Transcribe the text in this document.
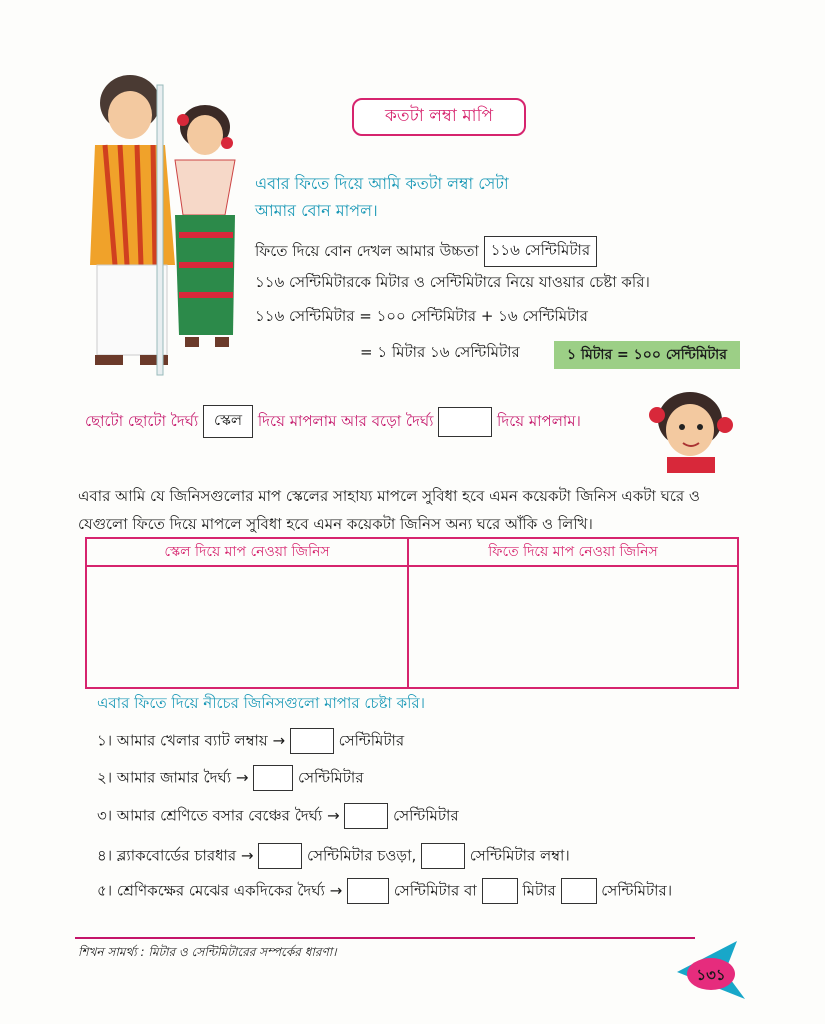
কতটা লম্বা মাপি
এবার ফিতে দিয়ে আমি কতটা লম্বা সেটা
আমার বোন মাপল।
ফিতে দিয়ে বোন দেখল আমার উচ্চতা ১১৬ সেন্টিমিটার
১১৬ সেন্টিমিটারকে মিটার ও সেন্টিমিটারে নিয়ে যাওয়ার চেষ্টা করি।
১১৬ সেন্টিমিটার = ১০০ সেন্টিমিটার + ১৬ সেন্টিমিটার
= ১ মিটার ১৬ সেন্টিমিটার	১ মিটার = ১০০ সেন্টিমিটার
ছোটো ছোটো দৈর্ঘ্য স্কেল দিয়ে মাপলাম আর বড়ো দৈর্ঘ্য	দিয়ে মাপলাম।
এবার আমি যে জিনিসগুলোর মাপ স্কেলের সাহায্য মাপলে সুবিধা হবে এমন কয়েকটা জিনিস একটা ঘরে ও
যেগুলো ফিতে দিয়ে মাপলে সুবিধা হবে এমন কয়েকটা জিনিস অন্য ঘরে আঁকি ও লিখি।
স্কেল দিয়ে মাপ নেওয়া জিনিস	ফিতে দিয়ে মাপ নেওয়া জিনিস

এবার ফিতে দিয়ে নীচের জিনিসগুলো মাপার চেষ্টা করি।
১। আমার খেলার ব্যাট লম্বায় →	সেন্টিমিটার
২। আমার জামার দৈর্ঘ্য →	সেন্টিমিটার
৩। আমার শ্রেণিতে বসার বেঞ্চের দৈর্ঘ্য →	সেন্টিমিটার
৪। ব্ল্যাকবোর্ডের চারধার →	সেন্টিমিটার চওড়া,	সেন্টিমিটার লম্বা।
৫। শ্রেণিকক্ষের মেঝের একদিকের দৈর্ঘ্য →	সেন্টিমিটার বা	মিটার	সেন্টিমিটার।
শিখন সামর্থ্য : মিটার ও সেন্টিমিটারের সম্পর্কের ধারণা।
১৩১
